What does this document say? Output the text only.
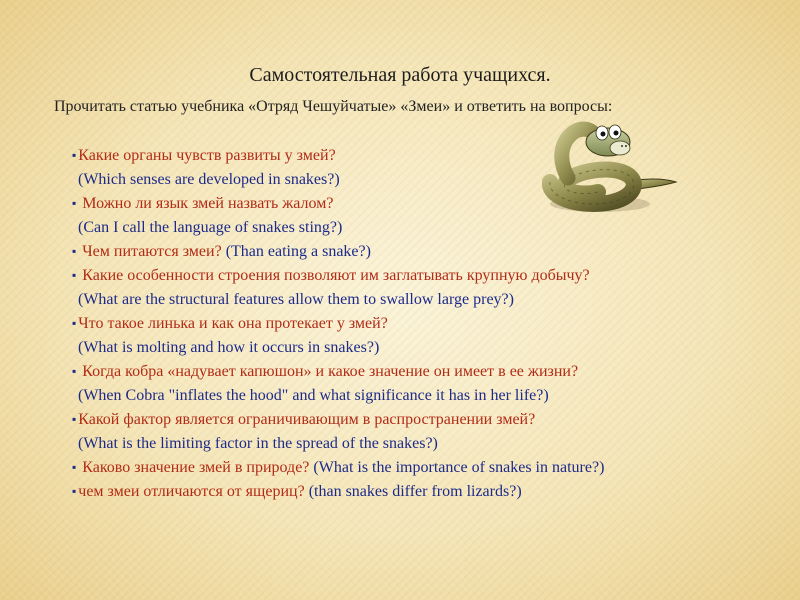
Самостоятельная работа учащихся.
Прочитать статью учебника «Отряд Чешуйчатые» «Змеи» и ответить на вопросы:
▪ Какие органы чувств развиты у змей?
(Which senses are developed in snakes?)
▪ Можно ли язык змей назвать жалом?
(Can I call the language of snakes sting?)
▪ Чем питаются змеи? (Than eating a snake?)
▪ Какие особенности строения позволяют им заглатывать крупную добычу?
(What are the structural features allow them to swallow large prey?)
▪ Что такое линька и как она протекает у змей?
(What is molting and how it occurs in snakes?)
▪ Когда кобра «надувает капюшон» и какое значение он имеет в ее жизни?
(When Cobra "inflates the hood" and what significance it has in her life?)
▪ Какой фактор является ограничивающим в распространении змей?
(What is the limiting factor in the spread of the snakes?)
▪ Каково значение змей в природе? (What is the importance of snakes in nature?)
▪ чем змеи отличаются от ящериц? (than snakes differ from lizards?)
